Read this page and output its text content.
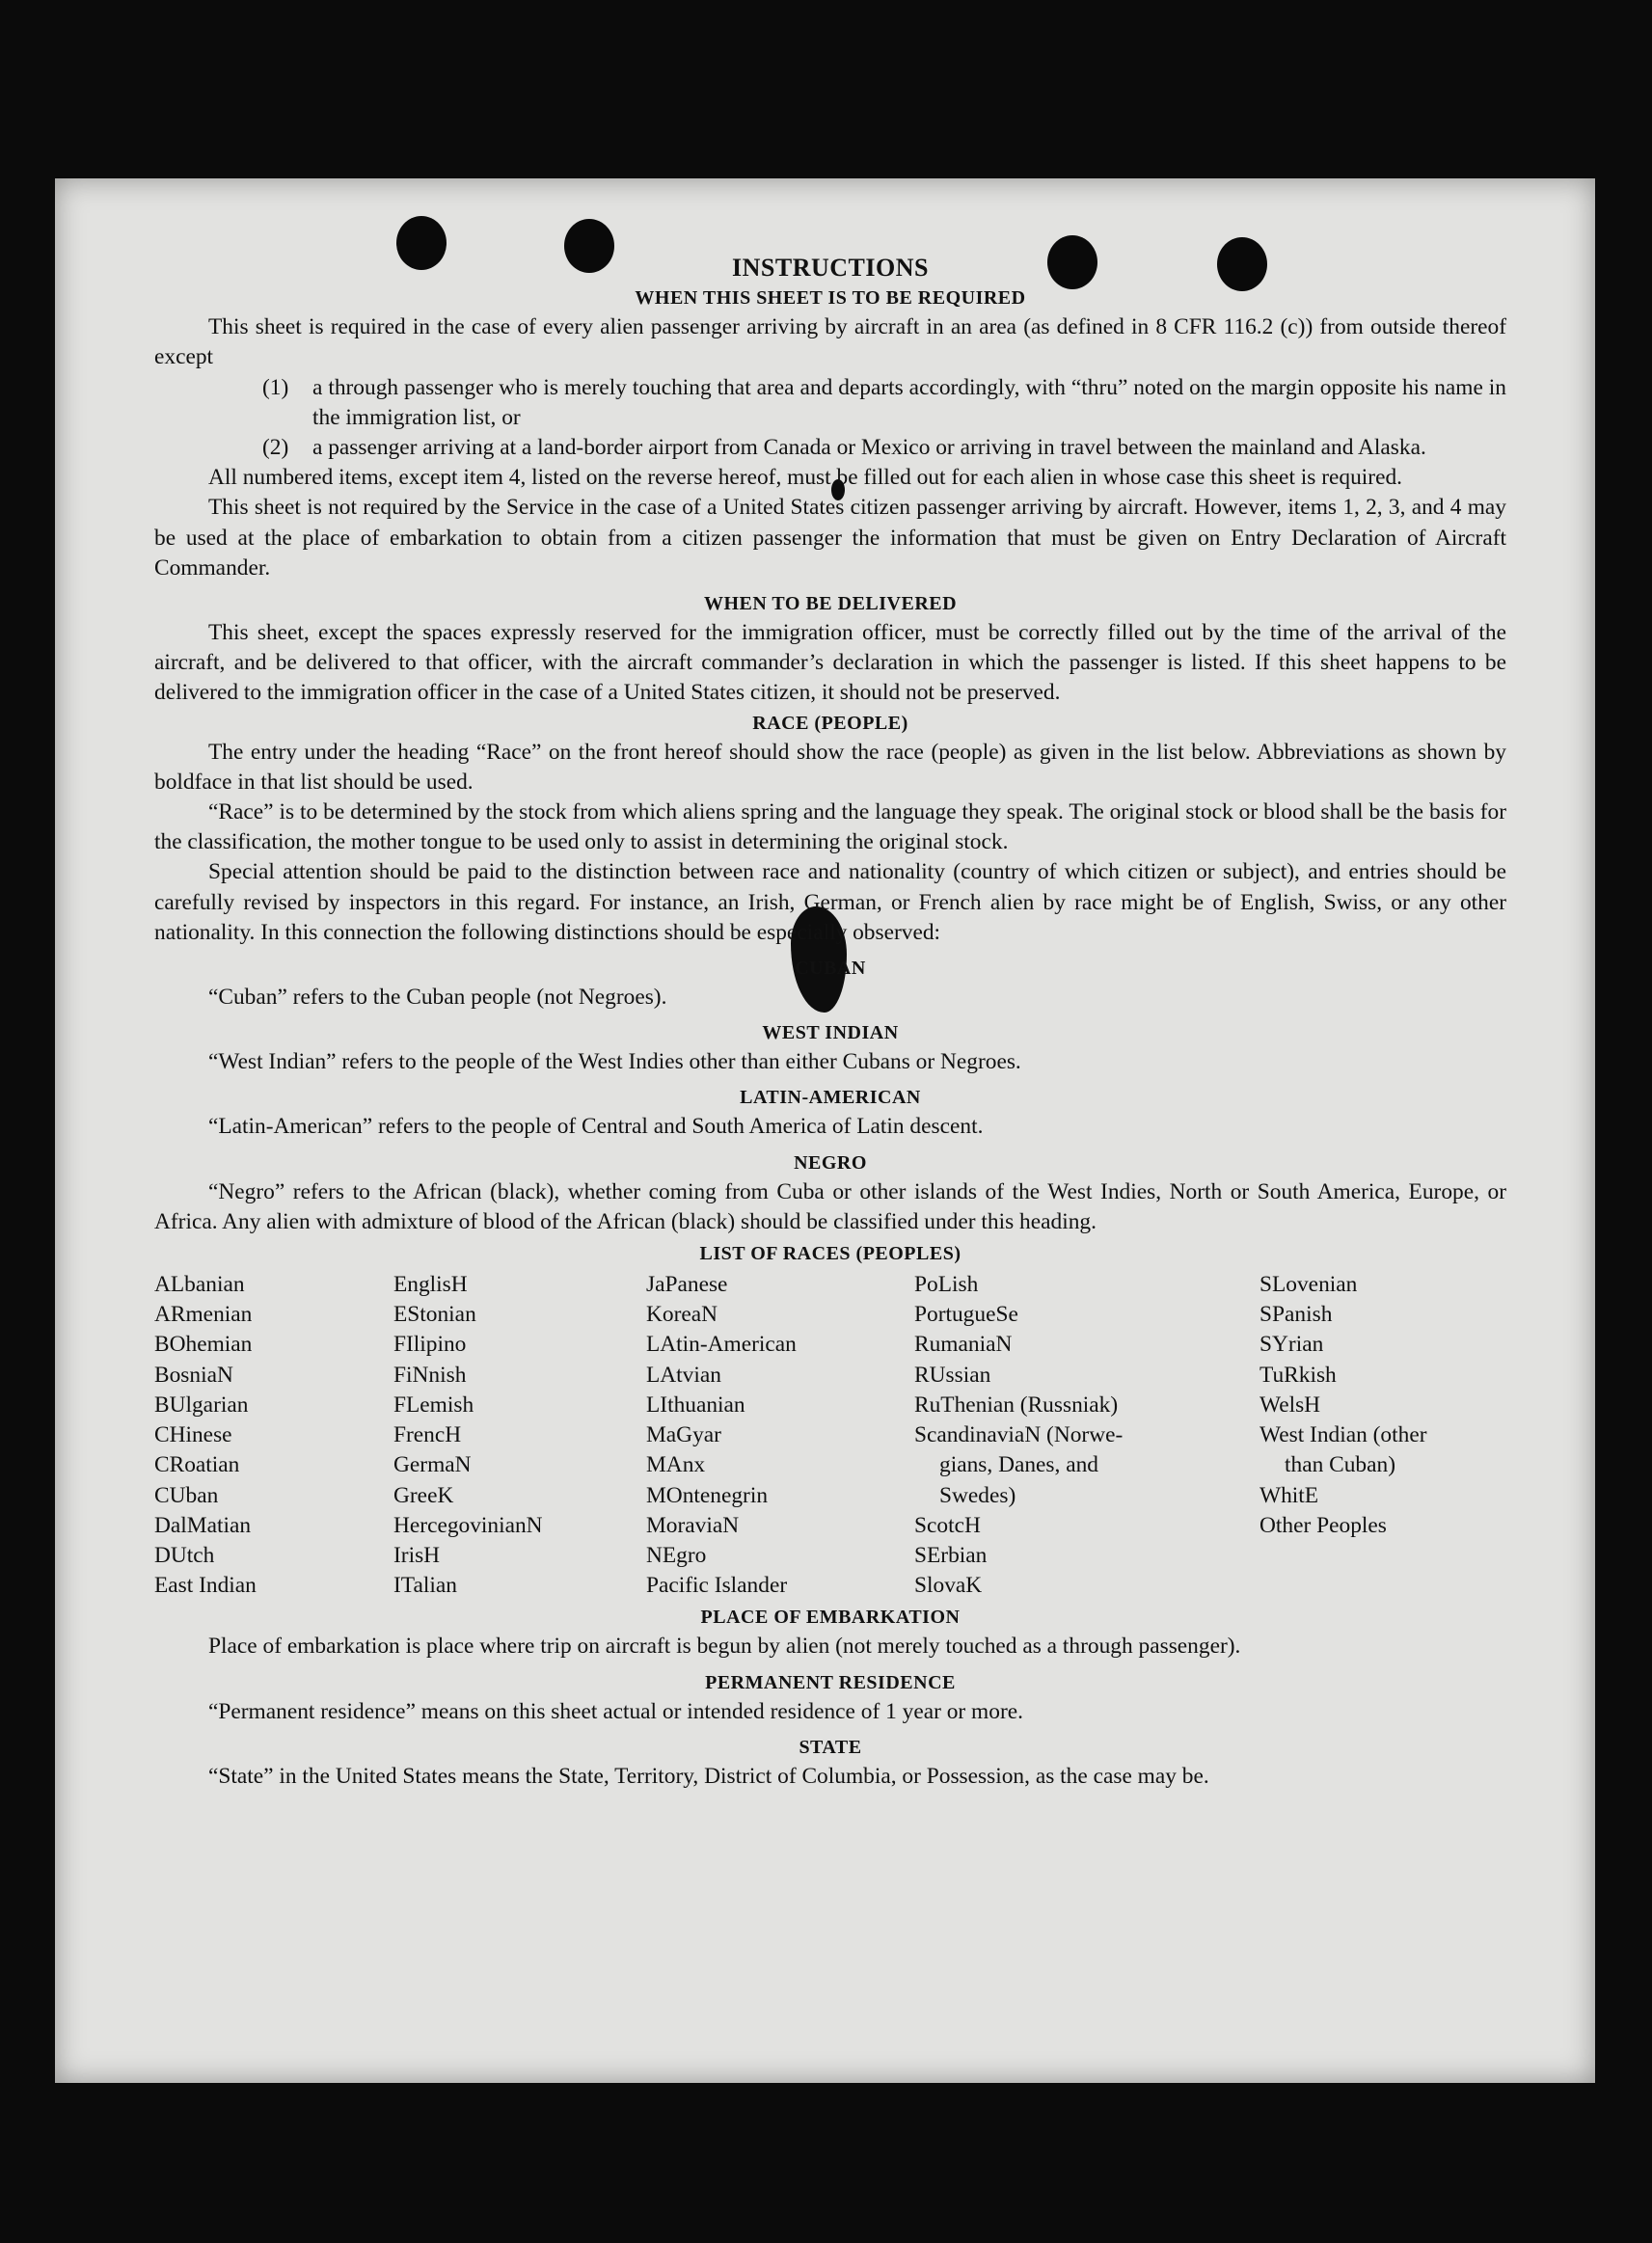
INSTRUCTIONS
WHEN THIS SHEET IS TO BE REQUIRED

This sheet is required in the case of every alien passenger arriving by aircraft in an area (as defined in 8 CFR 116.2 (c)) from outside thereof except

(1)	a through passenger who is merely touching that area and departs accordingly, with “thru” noted on the margin opposite his name in the immigration list, or
(2)	a passenger arriving at a land-border airport from Canada or Mexico or arriving in travel between the mainland and Alaska.

All numbered items, except item 4, listed on the reverse hereof, must be filled out for each alien in whose case this sheet is required.

This sheet is not required by the Service in the case of a United States citizen passenger arriving by aircraft. However, items 1, 2, 3, and 4 may be used at the place of embarkation to obtain from a citizen passenger the information that must be given on Entry Declaration of Aircraft Commander.

WHEN TO BE DELIVERED

This sheet, except the spaces expressly reserved for the immigration officer, must be correctly filled out by the time of the arrival of the aircraft, and be delivered to that officer, with the aircraft commander’s declaration in which the passenger is listed. If this sheet happens to be delivered to the immigration officer in the case of a United States citizen, it should not be preserved.

RACE (PEOPLE)

The entry under the heading “Race” on the front hereof should show the race (people) as given in the list below. Abbreviations as shown by boldface in that list should be used.

“Race” is to be determined by the stock from which aliens spring and the language they speak. The original stock or blood shall be the basis for the classification, the mother tongue to be used only to assist in determining the original stock.

Special attention should be paid to the distinction between race and nationality (country of which citizen or subject), and entries should be carefully revised by inspectors in this regard. For instance, an Irish, German, or French alien by race might be of English, Swiss, or any other nationality. In this connection the following distinctions should be especially observed:

CUBAN

“Cuban” refers to the Cuban people (not Negroes).

WEST INDIAN

“West Indian” refers to the people of the West Indies other than either Cubans or Negroes.

LATIN-AMERICAN

“Latin-American” refers to the people of Central and South America of Latin descent.

NEGRO

“Negro” refers to the African (black), whether coming from Cuba or other islands of the West Indies, North or South America, Europe, or Africa. Any alien with admixture of blood of the African (black) should be classified under this heading.

LIST OF RACES (PEOPLES)
ALbanian
ARmenian
BOhemian
BosniaN
BUlgarian
CHinese
CRoatian
CUban
DalMatian
DUtch
East Indian
EnglisH
EStonian
FIlipino
FiNnish
FLemish
FrencH
GermaN
GreeK
HercegovinianN
IrisH
ITalian
JaPanese
KoreaN
LAtin-American
LAtvian
LIthuanian
MaGyar
MAnx
MOntenegrin
MoraviaN
NEgro
Pacific Islander
PoLish
PortugueSe
RumaniaN
RUssian
RuThenian (Russniak)
ScandinaviaN (Norwe-
gians, Danes, and
Swedes)
ScotcH
SErbian
SlovaK
SLovenian
SPanish
SYrian
TuRkish
WelsH
West Indian (other
than Cuban)
WhitE
Other Peoples
PLACE OF EMBARKATION

Place of embarkation is place where trip on aircraft is begun by alien (not merely touched as a through passenger).

PERMANENT RESIDENCE

“Permanent residence” means on this sheet actual or intended residence of 1 year or more.

STATE

“State” in the United States means the State, Territory, District of Columbia, or Possession, as the case may be.
